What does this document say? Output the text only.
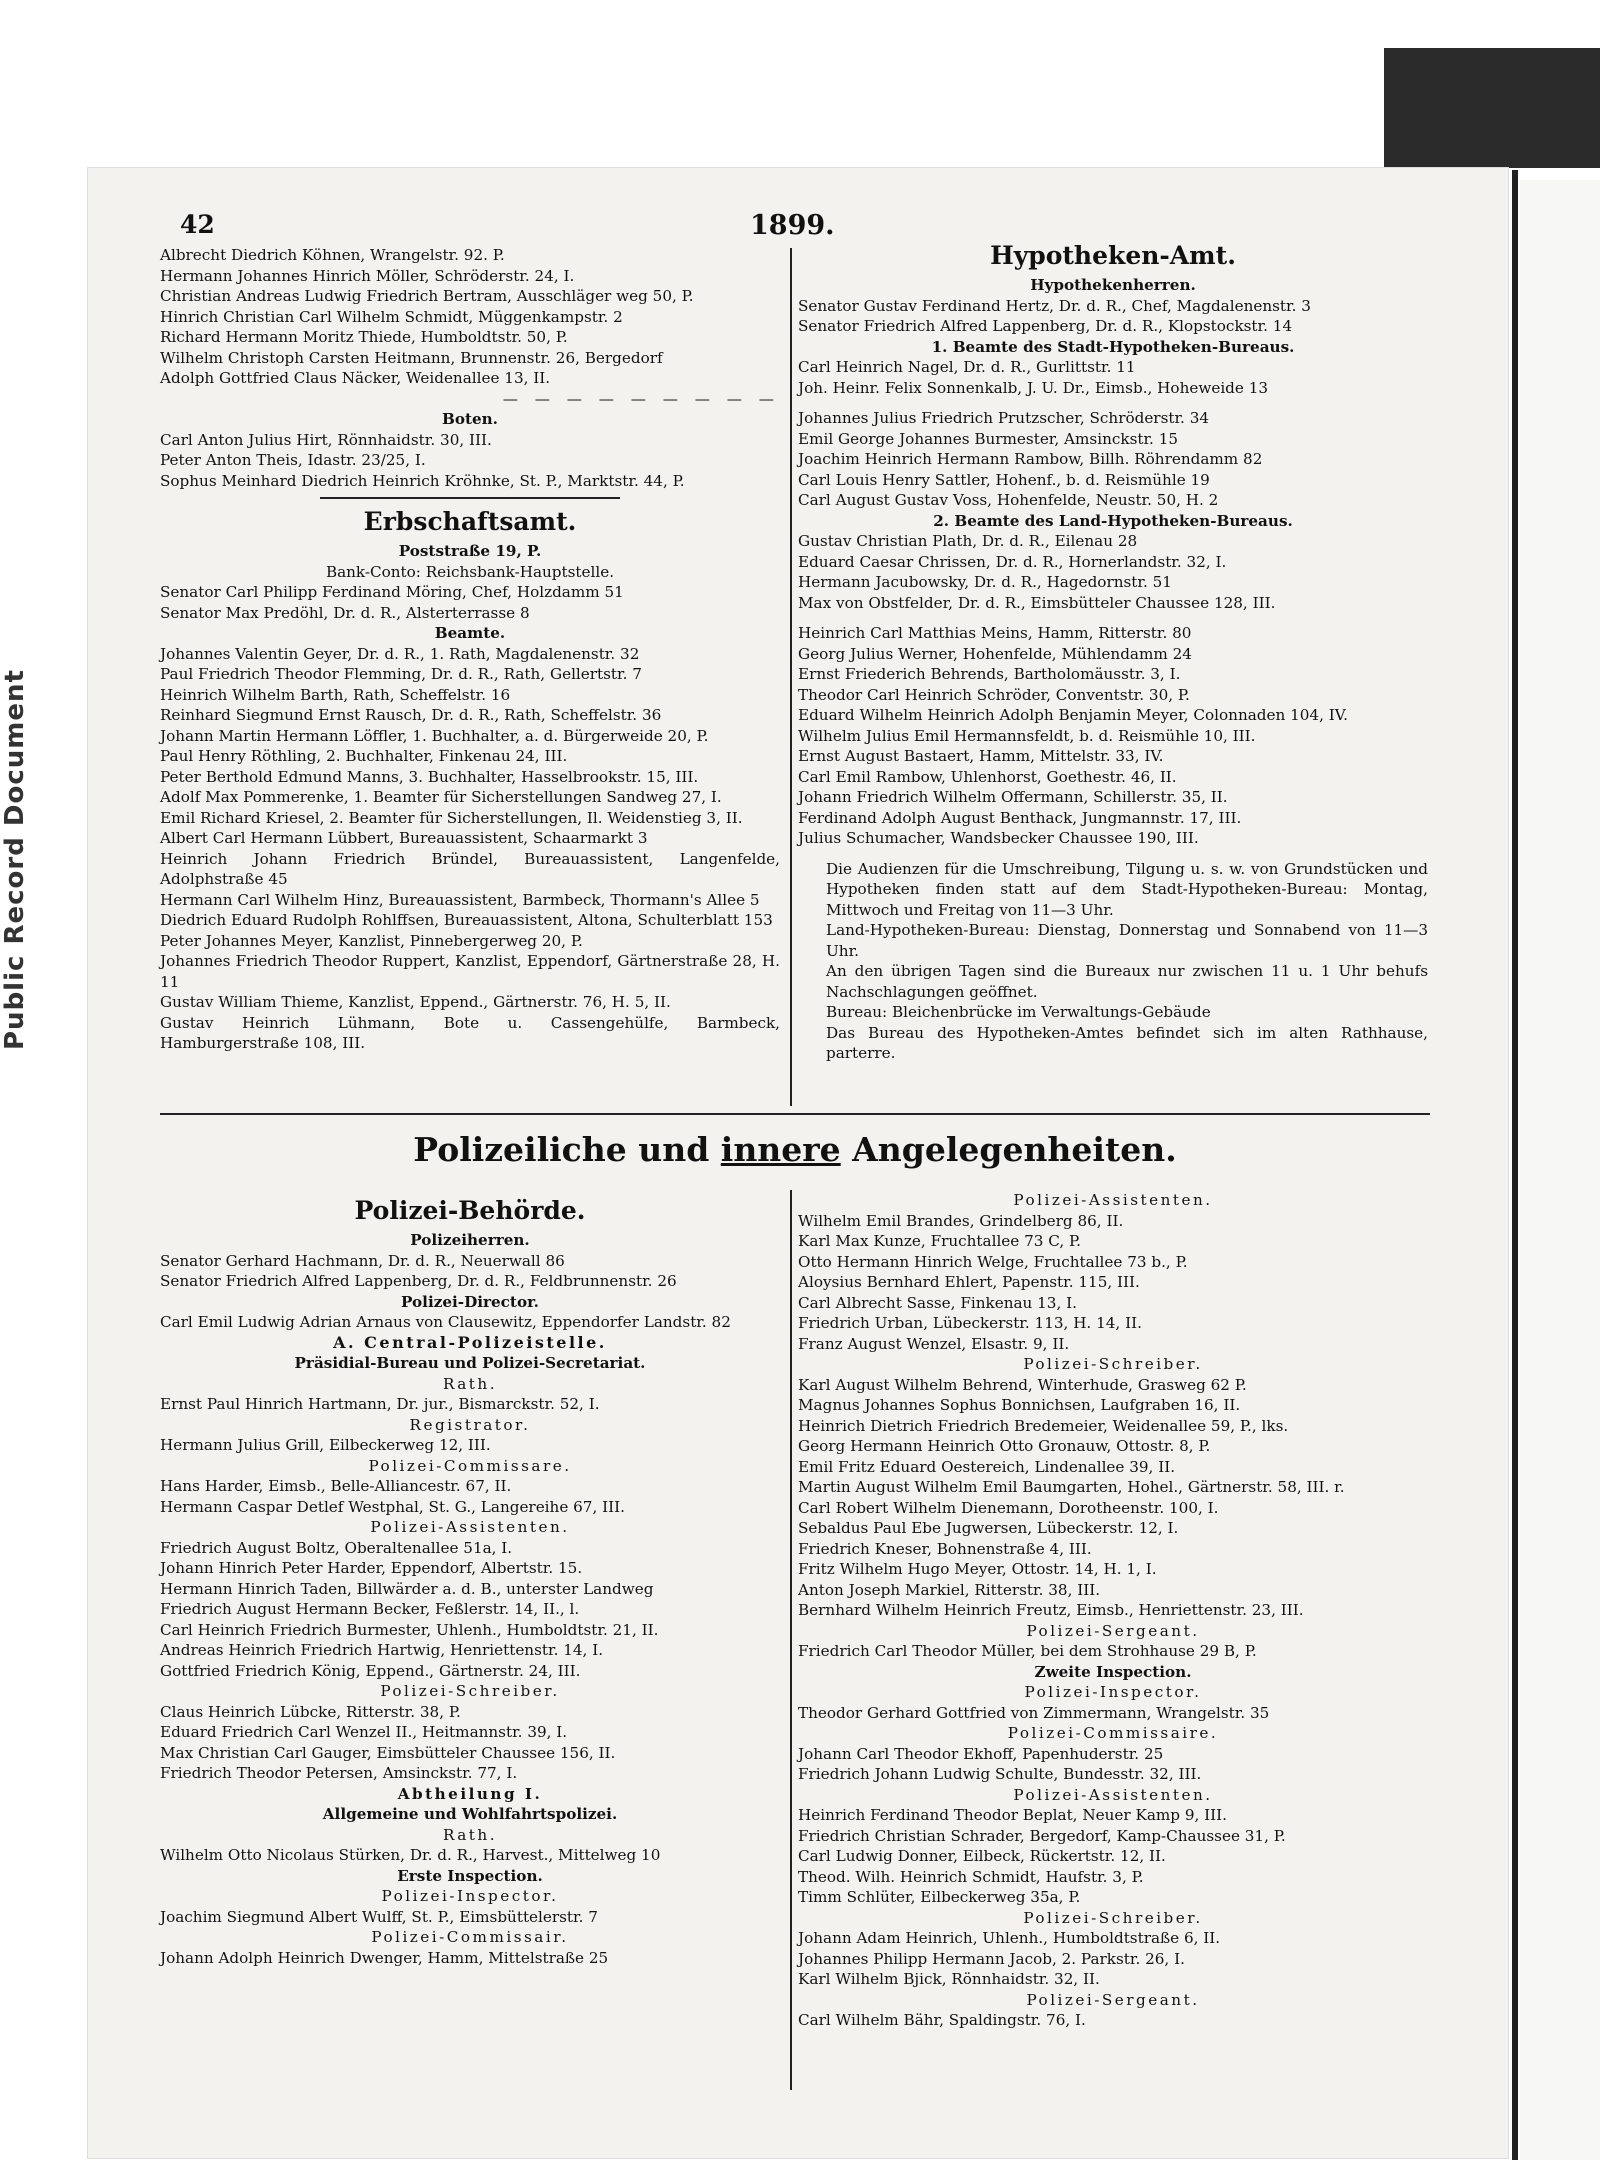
Public Record Document
42	1899.
Albrecht Diedrich Köhnen, Wrangelstr. 92. P.
Hermann Johannes Hinrich Möller, Schröderstr. 24, I.
Christian Andreas Ludwig Friedrich Bertram, Ausschläger weg 50, P.
Hinrich Christian Carl Wilhelm Schmidt, Müggenkampstr. 2
Richard Hermann Moritz Thiede, Humboldtstr. 50, P.
Wilhelm Christoph Carsten Heitmann, Brunnenstr. 26, Bergedorf
Adolph Gottfried Claus Näcker, Weidenallee 13, II.
— — — — — — — — —
Boten.
Carl Anton Julius Hirt, Rönnhaidstr. 30, III.
Peter Anton Theis, Idastr. 23/25, I.
Sophus Meinhard Diedrich Heinrich Kröhnke, St. P., Marktstr. 44, P.
Erbschaftsamt.
Poststraße 19, P.
Bank-Conto: Reichsbank-Hauptstelle.
Senator Carl Philipp Ferdinand Möring, Chef, Holzdamm 51
Senator Max Predöhl, Dr. d. R., Alsterterrasse 8
Beamte.
Johannes Valentin Geyer, Dr. d. R., 1. Rath, Magdalenenstr. 32
Paul Friedrich Theodor Flemming, Dr. d. R., Rath, Gellertstr. 7
Heinrich Wilhelm Barth, Rath, Scheffelstr. 16
Reinhard Siegmund Ernst Rausch, Dr. d. R., Rath, Scheffelstr. 36
Johann Martin Hermann Löffler, 1. Buchhalter, a. d. Bürgerweide 20, P.
Paul Henry Röthling, 2. Buchhalter, Finkenau 24, III.
Peter Berthold Edmund Manns, 3. Buchhalter, Hasselbrookstr. 15, III.
Adolf Max Pommerenke, 1. Beamter für Sicherstellungen Sandweg 27, I.
Emil Richard Kriesel, 2. Beamter für Sicherstellungen, Il. Weidenstieg 3, II.
Albert Carl Hermann Lübbert, Bureauassistent, Schaarmarkt 3
Heinrich Johann Friedrich Bründel, Bureauassistent, Langenfelde, Adolphstraße 45
Hermann Carl Wilhelm Hinz, Bureauassistent, Barmbeck, Thormann's Allee 5
Diedrich Eduard Rudolph Rohlffsen, Bureauassistent, Altona, Schulterblatt 153
Peter Johannes Meyer, Kanzlist, Pinnebergerweg 20, P.
Johannes Friedrich Theodor Ruppert, Kanzlist, Eppendorf, Gärtnerstraße 28, H. 11
Gustav William Thieme, Kanzlist, Eppend., Gärtnerstr. 76, H. 5, II.
Gustav Heinrich Lühmann, Bote u. Cassengehülfe, Barmbeck, Hamburgerstraße 108, III.
Hypotheken-Amt.
Hypothekenherren.
Senator Gustav Ferdinand Hertz, Dr. d. R., Chef, Magdalenenstr. 3
Senator Friedrich Alfred Lappenberg, Dr. d. R., Klopstockstr. 14
1. Beamte des Stadt-Hypotheken-Bureaus.
Carl Heinrich Nagel, Dr. d. R., Gurlittstr. 11
Joh. Heinr. Felix Sonnenkalb, J. U. Dr., Eimsb., Hoheweide 13
Johannes Julius Friedrich Prutzscher, Schröderstr. 34
Emil George Johannes Burmester, Amsinckstr. 15
Joachim Heinrich Hermann Rambow, Billh. Röhrendamm 82
Carl Louis Henry Sattler, Hohenf., b. d. Reismühle 19
Carl August Gustav Voss, Hohenfelde, Neustr. 50, H. 2
2. Beamte des Land-Hypotheken-Bureaus.
Gustav Christian Plath, Dr. d. R., Eilenau 28
Eduard Caesar Chrissen, Dr. d. R., Hornerlandstr. 32, I.
Hermann Jacubowsky, Dr. d. R., Hagedornstr. 51
Max von Obstfelder, Dr. d. R., Eimsbütteler Chaussee 128, III.
Heinrich Carl Matthias Meins, Hamm, Ritterstr. 80
Georg Julius Werner, Hohenfelde, Mühlendamm 24
Ernst Friederich Behrends, Bartholomäusstr. 3, I.
Theodor Carl Heinrich Schröder, Conventstr. 30, P.
Eduard Wilhelm Heinrich Adolph Benjamin Meyer, Colonnaden 104, IV.
Wilhelm Julius Emil Hermannsfeldt, b. d. Reismühle 10, III.
Ernst August Bastaert, Hamm, Mittelstr. 33, IV.
Carl Emil Rambow, Uhlenhorst, Goethestr. 46, II.
Johann Friedrich Wilhelm Offermann, Schillerstr. 35, II.
Ferdinand Adolph August Benthack, Jungmannstr. 17, III.
Julius Schumacher, Wandsbecker Chaussee 190, III.
Die Audienzen für die Umschreibung, Tilgung u. s. w. von Grundstücken und Hypotheken finden statt auf dem Stadt-Hypotheken-Bureau: Montag, Mittwoch und Freitag von 11—3 Uhr.
Land-Hypotheken-Bureau: Dienstag, Donnerstag und Sonnabend von 11—3 Uhr.
An den übrigen Tagen sind die Bureaux nur zwischen 11 u. 1 Uhr behufs Nachschlagungen geöffnet.
Bureau: Bleichenbrücke im Verwaltungs-Gebäude
Das Bureau des Hypotheken-Amtes befindet sich im alten Rathhause, parterre.
Polizeiliche und innere Angelegenheiten.
Polizei-Behörde.
Polizeiherren.
Senator Gerhard Hachmann, Dr. d. R., Neuerwall 86
Senator Friedrich Alfred Lappenberg, Dr. d. R., Feldbrunnenstr. 26
Polizei-Director.
Carl Emil Ludwig Adrian Arnaus von Clausewitz, Eppendorfer Landstr. 82
A. Central-Polizeistelle.
Präsidial-Bureau und Polizei-Secretariat.
Rath.
Ernst Paul Hinrich Hartmann, Dr. jur., Bismarckstr. 52, I.
Registrator.
Hermann Julius Grill, Eilbeckerweg 12, III.
Polizei-Commissare.
Hans Harder, Eimsb., Belle-Alliancestr. 67, II.
Hermann Caspar Detlef Westphal, St. G., Langereihe 67, III.
Polizei-Assistenten.
Friedrich August Boltz, Oberaltenallee 51a, I.
Johann Hinrich Peter Harder, Eppendorf, Albertstr. 15.
Hermann Hinrich Taden, Billwärder a. d. B., unterster Landweg
Friedrich August Hermann Becker, Feßlerstr. 14, II., l.
Carl Heinrich Friedrich Burmester, Uhlenh., Humboldtstr. 21, II.
Andreas Heinrich Friedrich Hartwig, Henriettenstr. 14, I.
Gottfried Friedrich König, Eppend., Gärtnerstr. 24, III.
Polizei-Schreiber.
Claus Heinrich Lübcke, Ritterstr. 38, P.
Eduard Friedrich Carl Wenzel II., Heitmannstr. 39, I.
Max Christian Carl Gauger, Eimsbütteler Chaussee 156, II.
Friedrich Theodor Petersen, Amsinckstr. 77, I.
Abtheilung I.
Allgemeine und Wohlfahrtspolizei.
Rath.
Wilhelm Otto Nicolaus Stürken, Dr. d. R., Harvest., Mittelweg 10
Erste Inspection.
Polizei-Inspector.
Joachim Siegmund Albert Wulff, St. P., Eimsbüttelerstr. 7
Polizei-Commissair.
Johann Adolph Heinrich Dwenger, Hamm, Mittelstraße 25
Polizei-Assistenten.
Wilhelm Emil Brandes, Grindelberg 86, II.
Karl Max Kunze, Fruchtallee 73 C, P.
Otto Hermann Hinrich Welge, Fruchtallee 73 b., P.
Aloysius Bernhard Ehlert, Papenstr. 115, III.
Carl Albrecht Sasse, Finkenau 13, I.
Friedrich Urban, Lübeckerstr. 113, H. 14, II.
Franz August Wenzel, Elsastr. 9, II.
Polizei-Schreiber.
Karl August Wilhelm Behrend, Winterhude, Grasweg 62 P.
Magnus Johannes Sophus Bonnichsen, Laufgraben 16, II.
Heinrich Dietrich Friedrich Bredemeier, Weidenallee 59, P., lks.
Georg Hermann Heinrich Otto Gronauw, Ottostr. 8, P.
Emil Fritz Eduard Oestereich, Lindenallee 39, II.
Martin August Wilhelm Emil Baumgarten, Hohel., Gärtnerstr. 58, III. r.
Carl Robert Wilhelm Dienemann, Dorotheenstr. 100, I.
Sebaldus Paul Ebe Jugwersen, Lübeckerstr. 12, I.
Friedrich Kneser, Bohnenstraße 4, III.
Fritz Wilhelm Hugo Meyer, Ottostr. 14, H. 1, I.
Anton Joseph Markiel, Ritterstr. 38, III.
Bernhard Wilhelm Heinrich Freutz, Eimsb., Henriettenstr. 23, III.
Polizei-Sergeant.
Friedrich Carl Theodor Müller, bei dem Strohhause 29 B, P.
Zweite Inspection.
Polizei-Inspector.
Theodor Gerhard Gottfried von Zimmermann, Wrangelstr. 35
Polizei-Commissaire.
Johann Carl Theodor Ekhoff, Papenhuderstr. 25
Friedrich Johann Ludwig Schulte, Bundesstr. 32, III.
Polizei-Assistenten.
Heinrich Ferdinand Theodor Beplat, Neuer Kamp 9, III.
Friedrich Christian Schrader, Bergedorf, Kamp-Chaussee 31, P.
Carl Ludwig Donner, Eilbeck, Rückertstr. 12, II.
Theod. Wilh. Heinrich Schmidt, Haufstr. 3, P.
Timm Schlüter, Eilbeckerweg 35a, P.
Polizei-Schreiber.
Johann Adam Heinrich, Uhlenh., Humboldtstraße 6, II.
Johannes Philipp Hermann Jacob, 2. Parkstr. 26, I.
Karl Wilhelm Bjick, Rönnhaidstr. 32, II.
Polizei-Sergeant.
Carl Wilhelm Bähr, Spaldingstr. 76, I.
